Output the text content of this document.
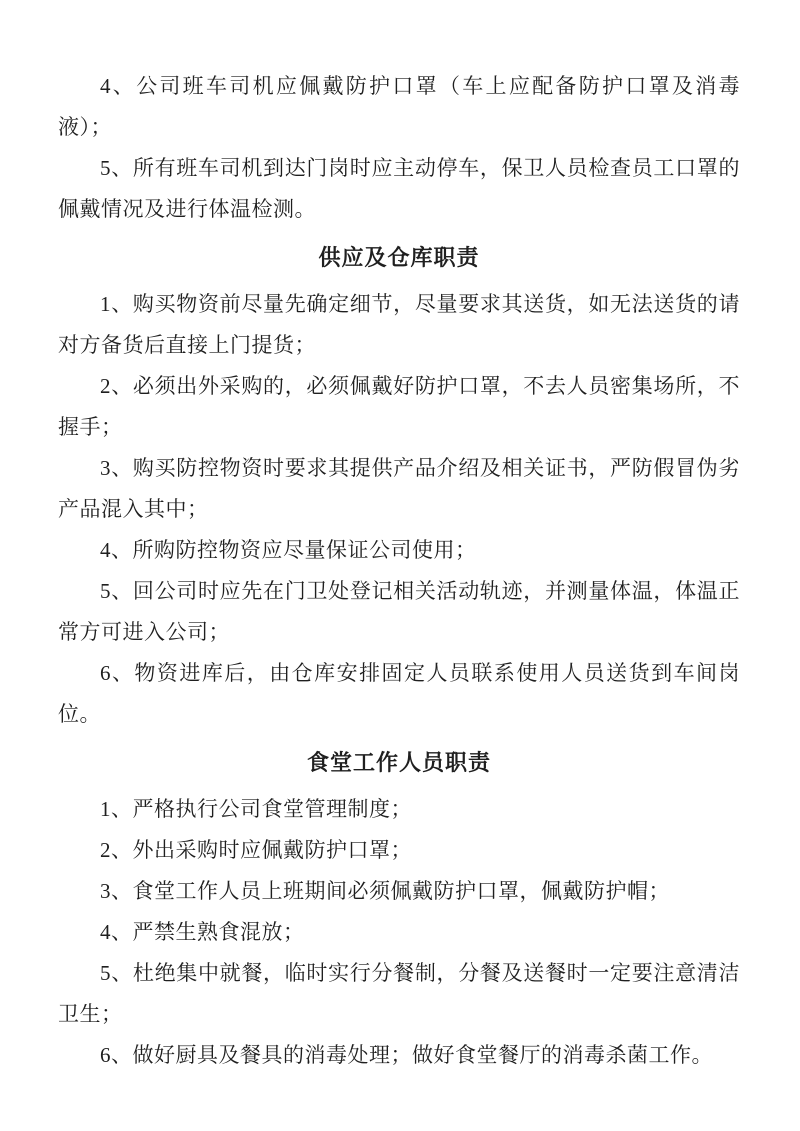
4、公司班车司机应佩戴防护口罩（车上应配备防护口罩及消毒液）；

5、所有班车司机到达门岗时应主动停车，保卫人员检查员工口罩的佩戴情况及进行体温检测。

供应及仓库职责

1、购买物资前尽量先确定细节，尽量要求其送货，如无法送货的请对方备货后直接上门提货；

2、必须出外采购的，必须佩戴好防护口罩，不去人员密集场所，不握手；

3、购买防控物资时要求其提供产品介绍及相关证书，严防假冒伪劣产品混入其中；

4、所购防控物资应尽量保证公司使用；

5、回公司时应先在门卫处登记相关活动轨迹，并测量体温，体温正常方可进入公司；

6、物资进库后，由仓库安排固定人员联系使用人员送货到车间岗位。

食堂工作人员职责

1、严格执行公司食堂管理制度；

2、外出采购时应佩戴防护口罩；

3、食堂工作人员上班期间必须佩戴防护口罩，佩戴防护帽；

4、严禁生熟食混放；

5、杜绝集中就餐，临时实行分餐制，分餐及送餐时一定要注意清洁卫生；

6、做好厨具及餐具的消毒处理；做好食堂餐厅的消毒杀菌工作。
